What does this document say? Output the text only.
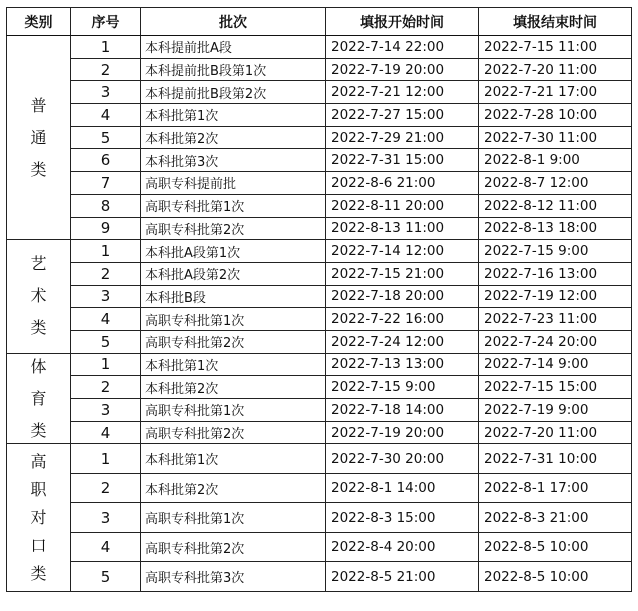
类别	序号	批次	填报开始时间	填报结束时间

普
通
类	1	本科提前批A段	2022-7-14 22:00	2022-7-15 11:00
	2	本科提前批B段第1次	2022-7-19 20:00	2022-7-20 11:00
	3	本科提前批B段第2次	2022-7-21 12:00	2022-7-21 17:00
	4	本科批第1次	2022-7-27 15:00	2022-7-28 10:00
	5	本科批第2次	2022-7-29 21:00	2022-7-30 11:00
	6	本科批第3次	2022-7-31 15:00	2022-8-1 9:00
	7	高职专科提前批	2022-8-6 21:00	2022-8-7 12:00
	8	高职专科批第1次	2022-8-11 20:00	2022-8-12 11:00
	9	高职专科批第2次	2022-8-13 11:00	2022-8-13 18:00

艺
术
类	1	本科批A段第1次	2022-7-14 12:00	2022-7-15 9:00
	2	本科批A段第2次	2022-7-15 21:00	2022-7-16 13:00
	3	本科批B段	2022-7-18 20:00	2022-7-19 12:00
	4	高职专科批第1次	2022-7-22 16:00	2022-7-23 11:00
	5	高职专科批第2次	2022-7-24 12:00	2022-7-24 20:00

体
育
类	1	本科批第1次	2022-7-13 13:00	2022-7-14 9:00
	2	本科批第2次	2022-7-15 9:00	2022-7-15 15:00
	3	高职专科批第1次	2022-7-18 14:00	2022-7-19 9:00
	4	高职专科批第2次	2022-7-19 20:00	2022-7-20 11:00

高
职
对
口
类	1	本科批第1次	2022-7-30 20:00	2022-7-31 10:00
	2	本科批第2次	2022-8-1 14:00	2022-8-1 17:00
	3	高职专科批第1次	2022-8-3 15:00	2022-8-3 21:00
	4	高职专科批第2次	2022-8-4 20:00	2022-8-5 10:00
	5	高职专科批第3次	2022-8-5 21:00	2022-8-5 10:00
